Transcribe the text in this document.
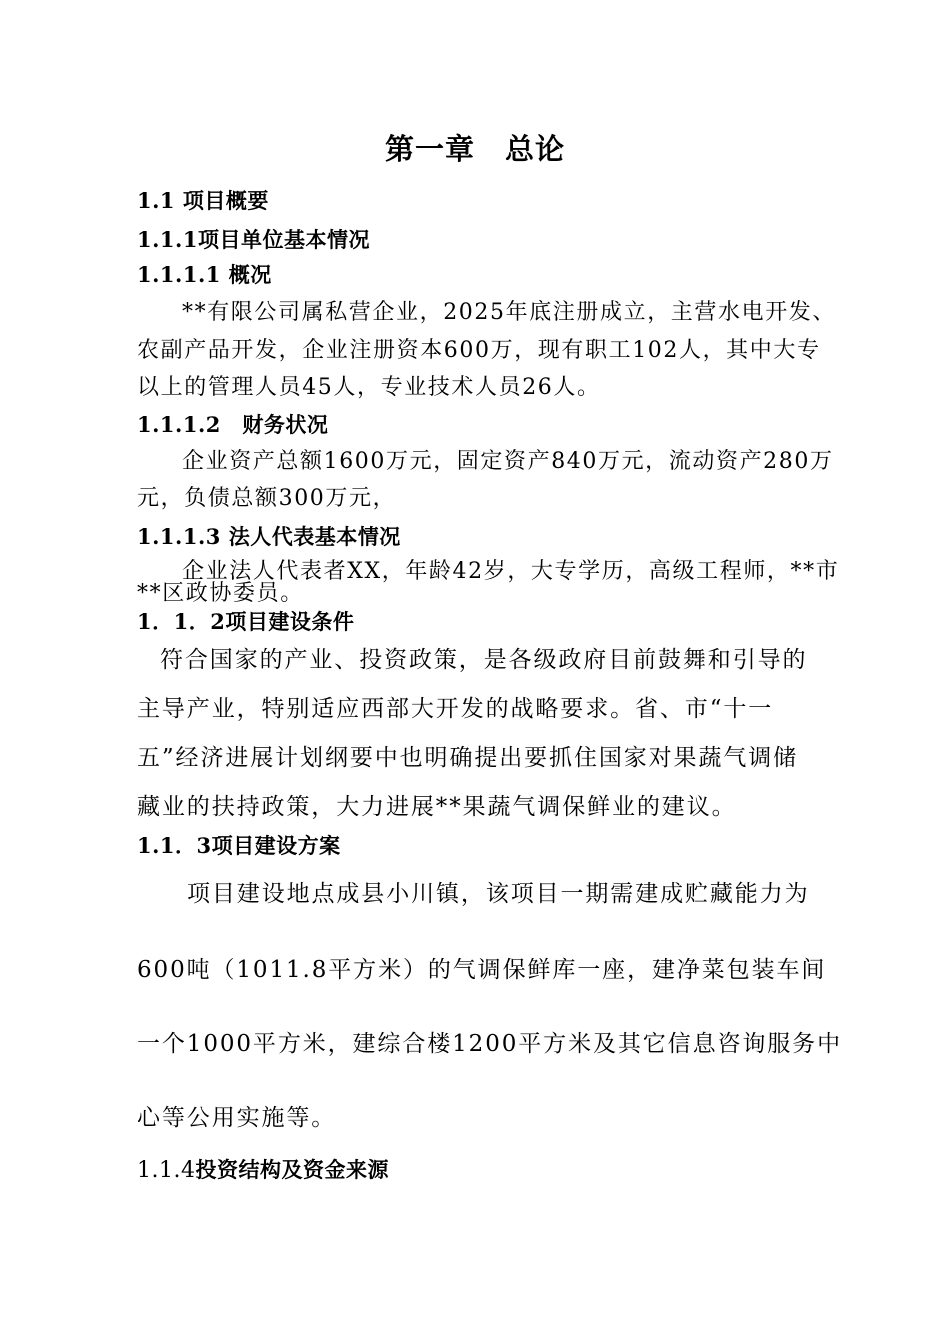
第一章　总论
1.1 项目概要
1.1.1项目单位基本情况
1.1.1.1 概况
**有限公司属私营企业，2025年底注册成立，主营水电开发、
农副产品开发，企业注册资本600万，现有职工102人，其中大专
以上的管理人员45人，专业技术人员26人。
1.1.1.2　财务状况
企业资产总额1600万元，固定资产840万元，流动资产280万
元，负债总额300万元，
1.1.1.3 法人代表基本情况
企业法人代表者XX，年龄42岁，大专学历，高级工程师，**市
**区政协委员。
1．1．2项目建设条件
符合国家的产业、投资政策，是各级政府目前鼓舞和引导的
主导产业，特别适应西部大开发的战略要求。省、市“十一
五”经济进展计划纲要中也明确提出要抓住国家对果蔬气调储
藏业的扶持政策，大力进展**果蔬气调保鲜业的建议。
1.1．3项目建设方案
项目建设地点成县小川镇，该项目一期需建成贮藏能力为
600吨（1011.8平方米）的气调保鲜库一座，建净菜包装车间
一个1000平方米，建综合楼1200平方米及其它信息咨询服务中
心等公用实施等。
1.1.4投资结构及资金来源
